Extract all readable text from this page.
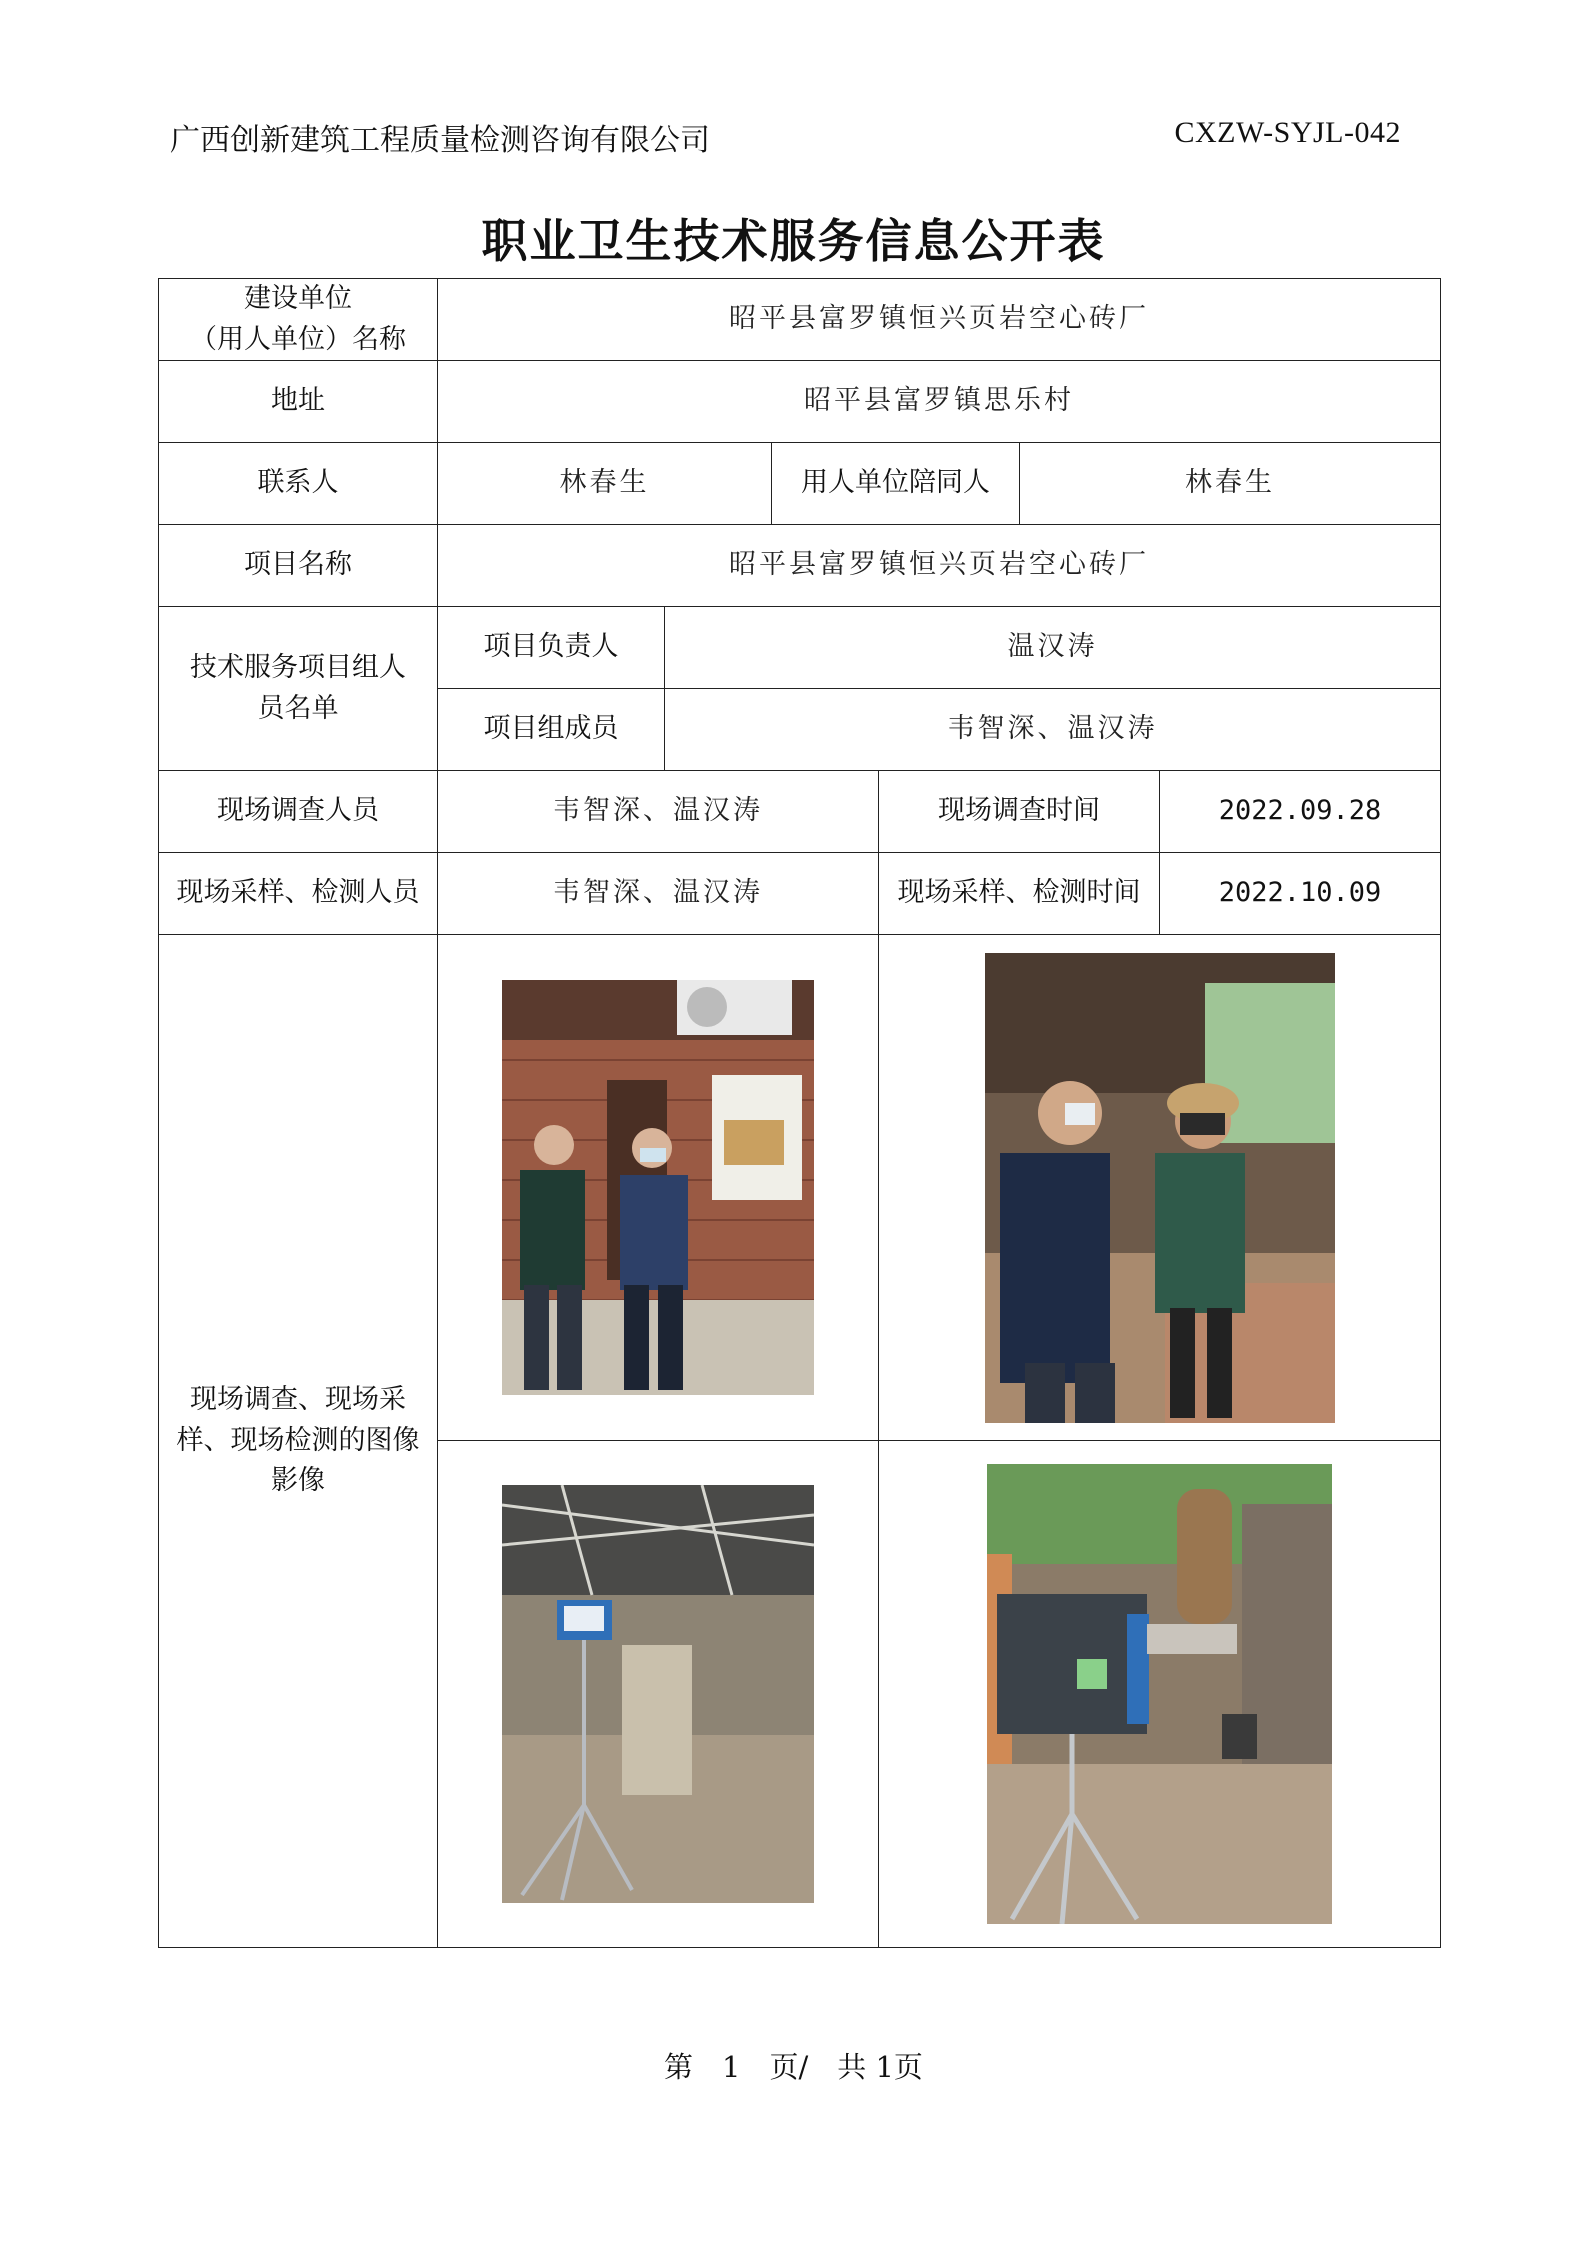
广西创新建筑工程质量检测咨询有限公司	CXZW-SYJL-042
职业卫生技术服务信息公开表
建设单位
（用人单位）名称	昭平县富罗镇恒兴页岩空心砖厂					
地址	昭平县富罗镇思乐村					
联系人	林春生		用人单位陪同人		林春生	
项目名称	昭平县富罗镇恒兴页岩空心砖厂					

技术服务项目组人
员名单	项目负责人	温汉涛				
	项目组成员	韦智深、温汉涛				
现场调查人员	韦智深、温汉涛			现场调查时间		2022.09.28
现场采样、检测人员	韦智深、温汉涛			现场采样、检测时间		2022.10.09

现场调查、现场采
样、现场检测的图像
影像

第　1　页/　共 1页
